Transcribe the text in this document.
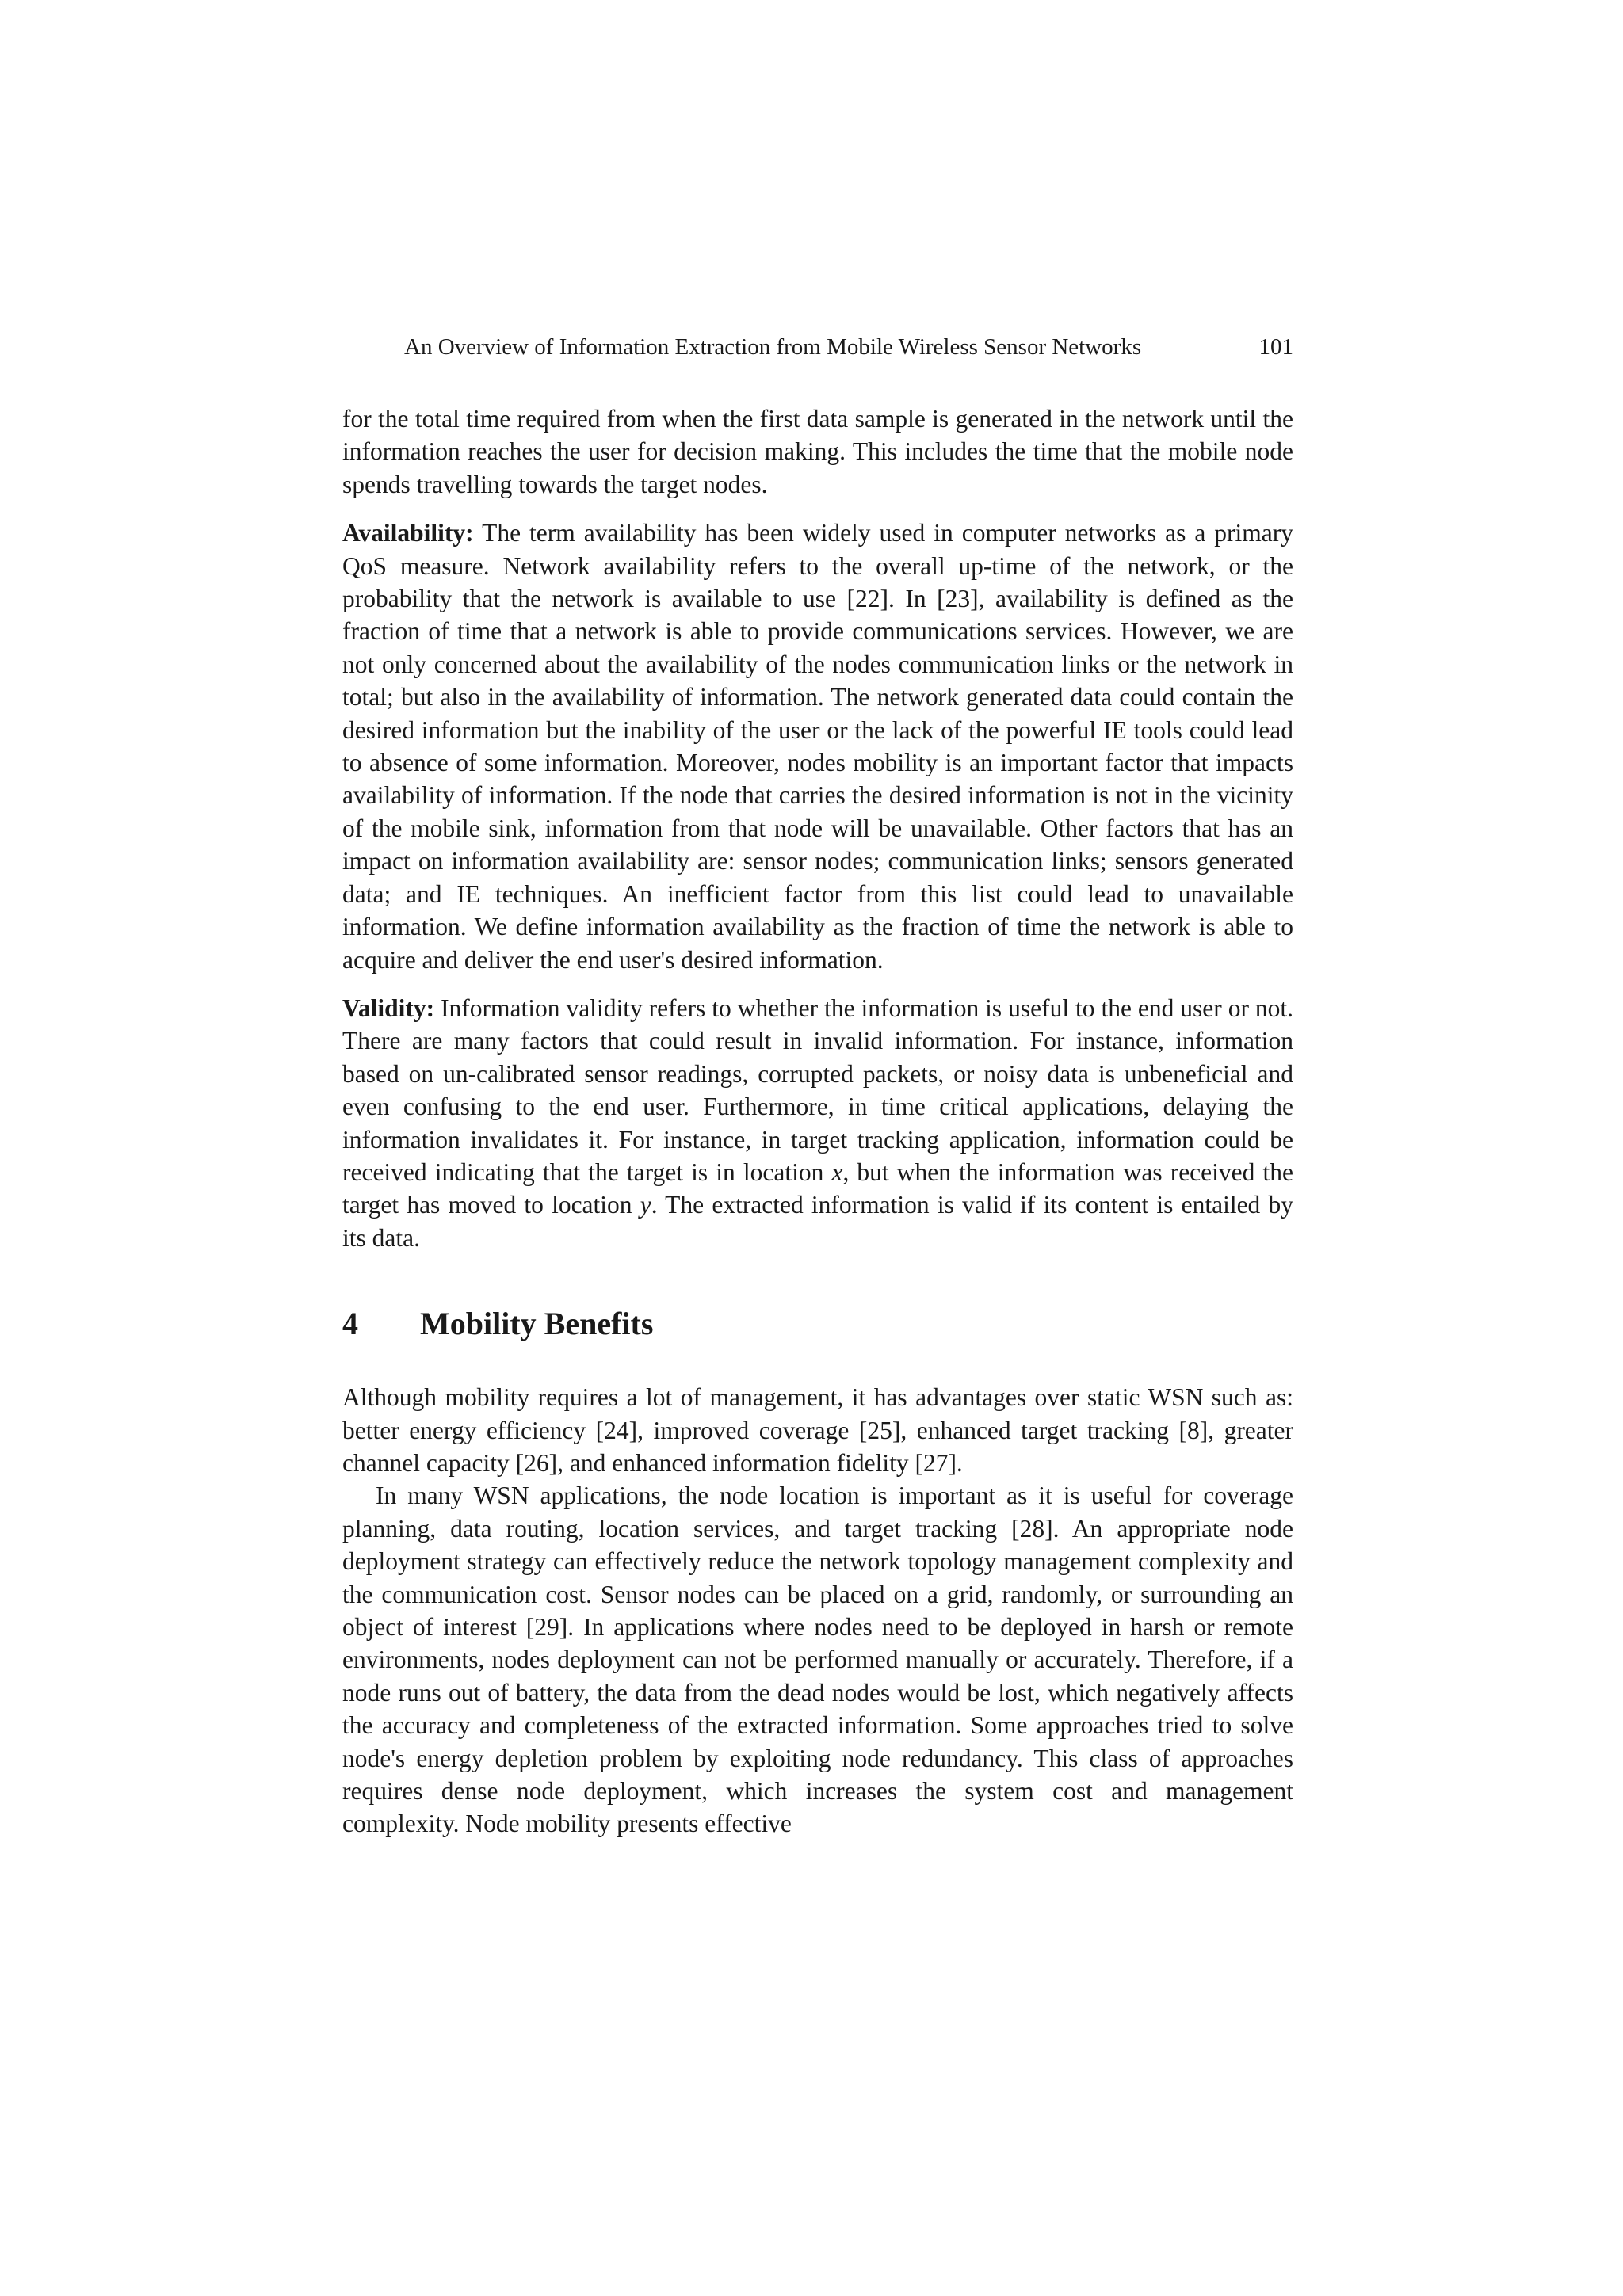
An Overview of Information Extraction from Mobile Wireless Sensor Networks	101

for the total time required from when the first data sample is generated in the network until the information reaches the user for decision making. This includes the time that the mobile node spends travelling towards the target nodes.

Availability: The term availability has been widely used in computer networks as a primary QoS measure. Network availability refers to the overall up-time of the network, or the probability that the network is available to use [22]. In [23], availability is defined as the fraction of time that a network is able to provide communications services. However, we are not only concerned about the availability of the nodes communication links or the network in total; but also in the availability of information. The network generated data could contain the desired information but the inability of the user or the lack of the powerful IE tools could lead to absence of some information. Moreover, nodes mobility is an important factor that impacts availability of information. If the node that carries the desired information is not in the vicinity of the mobile sink, information from that node will be unavailable. Other factors that has an impact on information availability are: sensor nodes; communication links; sensors generated data; and IE techniques. An inefficient factor from this list could lead to unavailable information. We define information availability as the fraction of time the network is able to acquire and deliver the end user's desired information.

Validity: Information validity refers to whether the information is useful to the end user or not. There are many factors that could result in invalid information. For instance, information based on un-calibrated sensor readings, corrupted packets, or noisy data is unbeneficial and even confusing to the end user. Furthermore, in time critical applications, delaying the information invalidates it. For instance, in target tracking application, information could be received indicating that the target is in location x, but when the information was received the target has moved to location y. The extracted information is valid if its content is entailed by its data.

4	Mobility Benefits

Although mobility requires a lot of management, it has advantages over static WSN such as: better energy efficiency [24], improved coverage [25], enhanced target tracking [8], greater channel capacity [26], and enhanced information fidelity [27].

In many WSN applications, the node location is important as it is useful for coverage planning, data routing, location services, and target tracking [28]. An appropriate node deployment strategy can effectively reduce the network topology management complexity and the communication cost. Sensor nodes can be placed on a grid, randomly, or surrounding an object of interest [29]. In applications where nodes need to be deployed in harsh or remote environments, nodes deployment can not be performed manually or accurately. Therefore, if a node runs out of battery, the data from the dead nodes would be lost, which negatively affects the accuracy and completeness of the extracted information. Some approaches tried to solve node's energy depletion problem by exploiting node redundancy. This class of approaches requires dense node deployment, which increases the system cost and management complexity. Node mobility presents effective
